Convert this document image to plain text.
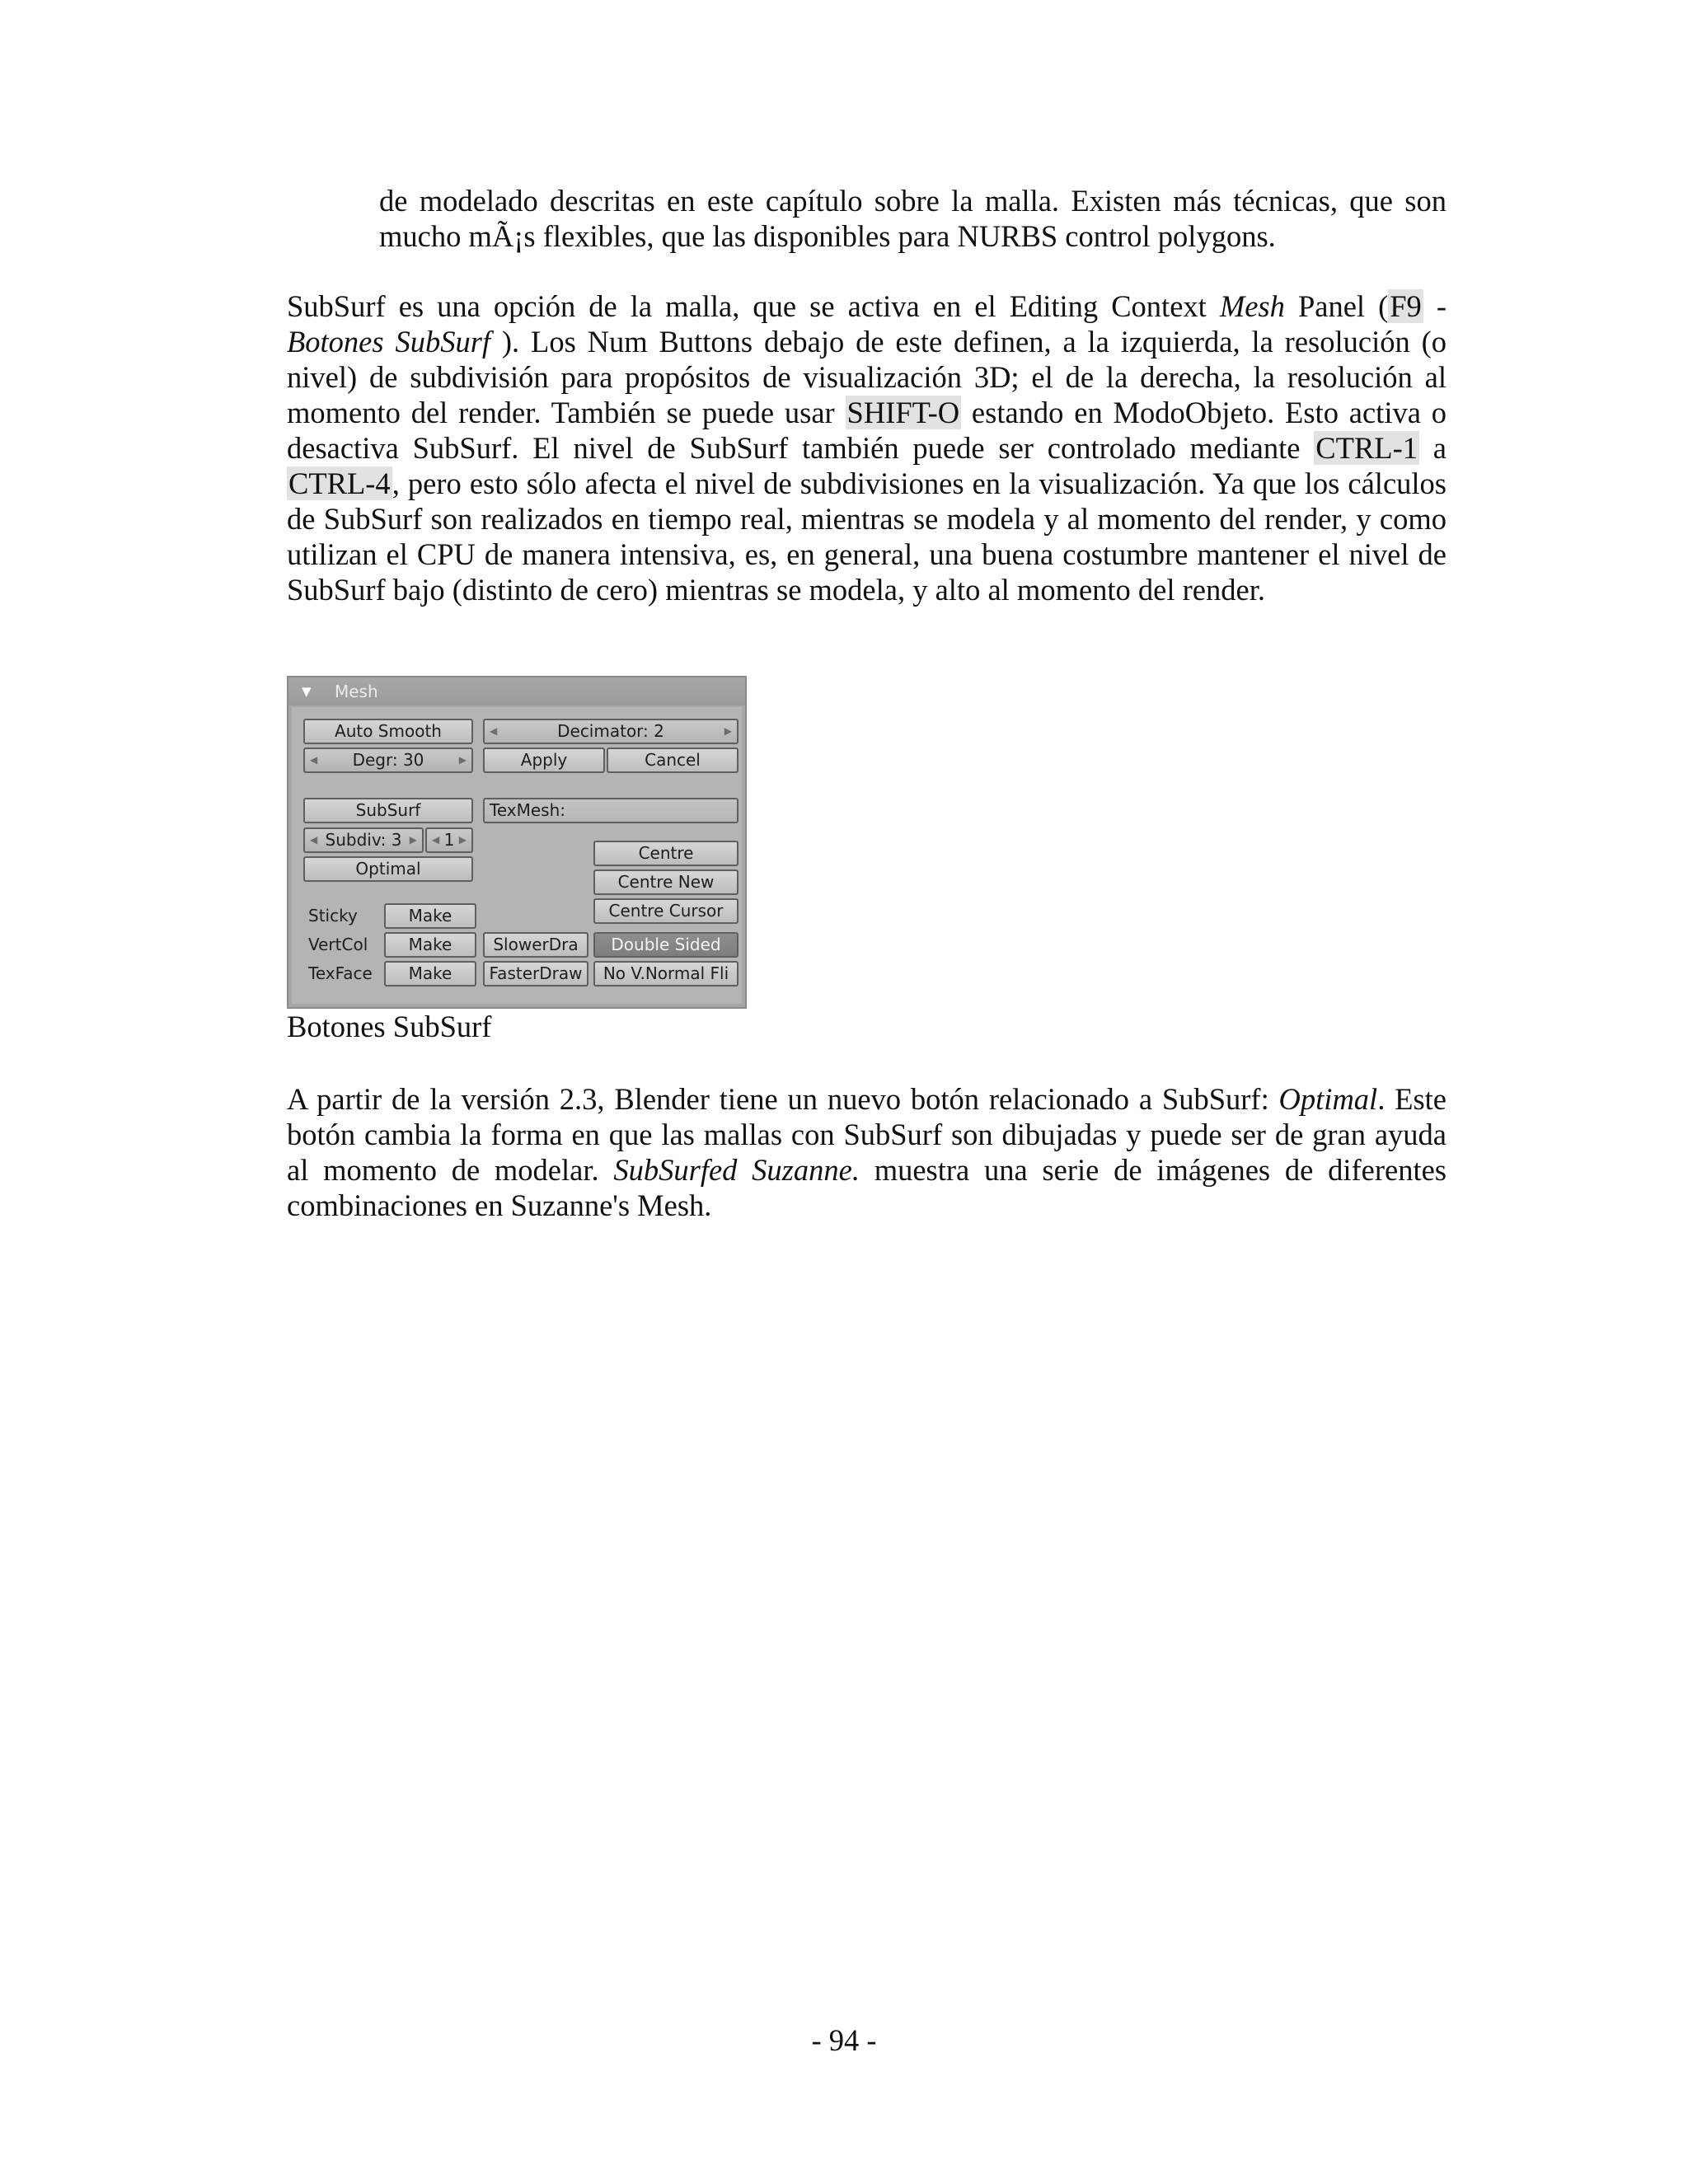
de modelado descritas en este capítulo sobre la malla. Existen más técnicas, que son mucho mÃ¡s flexibles, que las disponibles para NURBS control polygons.

SubSurf es una opción de la malla, que se activa en el Editing Context Mesh Panel (F9 - Botones SubSurf ). Los Num Buttons debajo de este definen, a la izquierda, la resolución (o nivel) de subdivisión para propósitos de visualización 3D; el de la derecha, la resolución al momento del render. También se puede usar SHIFT-O estando en ModoObjeto. Esto activa o desactiva SubSurf. El nivel de SubSurf también puede ser controlado mediante CTRL-1 a CTRL-4, pero esto sólo afecta el nivel de subdivisiones en la visualización. Ya que los cálculos de SubSurf son realizados en tiempo real, mientras se modela y al momento del render, y como utilizan el CPU de manera intensiva, es, en general, una buena costumbre mantener el nivel de SubSurf bajo (distinto de cero) mientras se modela, y alto al momento del render.

▼ Mesh
Auto Smooth
◀ Degr: 30	▶
◀	Decimator: 2	▶
Apply	Cancel
SubSurf	TexMesh:
◀ Subdiv: 3 ▶ ◀ 1 ▶
Optimal
Centre
Centre New
Centre Cursor
Sticky	Make
VertCol	Make	SlowerDra	Double Sided
TexFace	Make	FasterDraw	No V.Normal Fli

Botones SubSurf

A partir de la versión 2.3, Blender tiene un nuevo botón relacionado a SubSurf: Optimal. Este botón cambia la forma en que las mallas con SubSurf son dibujadas y puede ser de gran ayuda al momento de modelar. SubSurfed Suzanne. muestra una serie de imágenes de diferentes combinaciones en Suzanne's Mesh.

- 94 -
